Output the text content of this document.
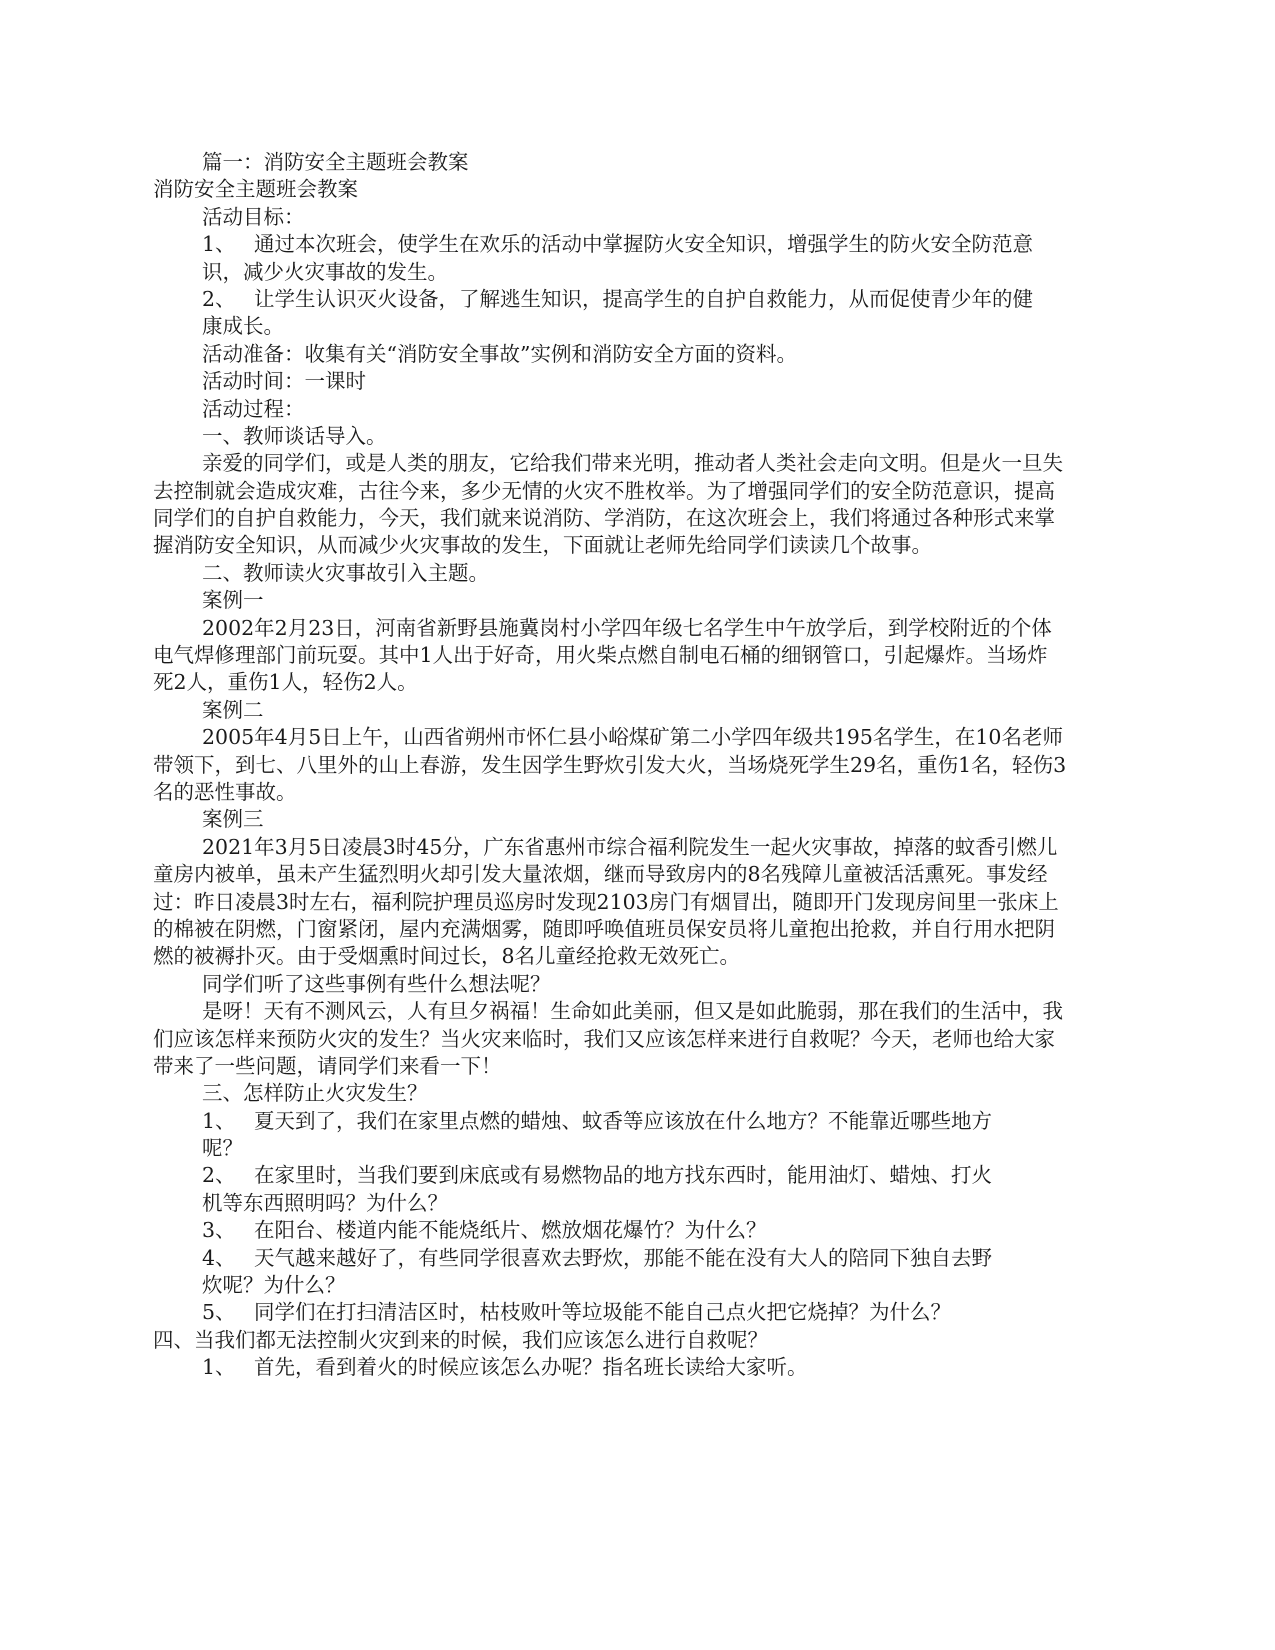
篇一：消防安全主题班会教案
消防安全主题班会教案
活动目标：
1、 通过本次班会，使学生在欢乐的活动中掌握防火安全知识，增强学生的防火安全防范意
识，减少火灾事故的发生。
2、 让学生认识灭火设备，了解逃生知识，提高学生的自护自救能力，从而促使青少年的健
康成长。
活动准备：收集有关“消防安全事故”实例和消防安全方面的资料。
活动时间：一课时
活动过程：
一、教师谈话导入。
亲爱的同学们，或是人类的朋友，它给我们带来光明，推动者人类社会走向文明。但是火一旦失
去控制就会造成灾难，古往今来，多少无情的火灾不胜枚举。为了增强同学们的安全防范意识，提高
同学们的自护自救能力，今天，我们就来说消防、学消防，在这次班会上，我们将通过各种形式来掌
握消防安全知识，从而减少火灾事故的发生，下面就让老师先给同学们读读几个故事。
二、教师读火灾事故引入主题。
案例一
2002年2月23日，河南省新野县施冀岗村小学四年级七名学生中午放学后，到学校附近的个体
电气焊修理部门前玩耍。其中1人出于好奇，用火柴点燃自制电石桶的细钢管口，引起爆炸。当场炸
死2人，重伤1人，轻伤2人。
案例二
2005年4月5日上午，山西省朔州市怀仁县小峪煤矿第二小学四年级共195名学生，在10名老师
带领下，到七、八里外的山上春游，发生因学生野炊引发大火，当场烧死学生29名，重伤1名，轻伤3
名的恶性事故。
案例三
2021年3月5日凌晨3时45分，广东省惠州市综合福利院发生一起火灾事故，掉落的蚊香引燃儿
童房内被单，虽未产生猛烈明火却引发大量浓烟，继而导致房内的8名残障儿童被活活熏死。事发经
过：昨日凌晨3时左右，福利院护理员巡房时发现2103房门有烟冒出，随即开门发现房间里一张床上
的棉被在阴燃，门窗紧闭，屋内充满烟雾，随即呼唤值班员保安员将儿童抱出抢救，并自行用水把阴
燃的被褥扑灭。由于受烟熏时间过长，8名儿童经抢救无效死亡。
同学们听了这些事例有些什么想法呢？
是呀！天有不测风云，人有旦夕祸福！生命如此美丽，但又是如此脆弱，那在我们的生活中，我
们应该怎样来预防火灾的发生？当火灾来临时，我们又应该怎样来进行自救呢？今天，老师也给大家
带来了一些问题，请同学们来看一下！
三、怎样防止火灾发生？
1、 夏天到了，我们在家里点燃的蜡烛、蚊香等应该放在什么地方？不能靠近哪些地方
呢？
2、 在家里时，当我们要到床底或有易燃物品的地方找东西时，能用油灯、蜡烛、打火
机等东西照明吗？为什么？
3、 在阳台、楼道内能不能烧纸片、燃放烟花爆竹？为什么？
4、 天气越来越好了，有些同学很喜欢去野炊，那能不能在没有大人的陪同下独自去野
炊呢？为什么？
5、 同学们在打扫清洁区时，枯枝败叶等垃圾能不能自己点火把它烧掉？为什么？
四、当我们都无法控制火灾到来的时候，我们应该怎么进行自救呢？
1、 首先，看到着火的时候应该怎么办呢？指名班长读给大家听。
